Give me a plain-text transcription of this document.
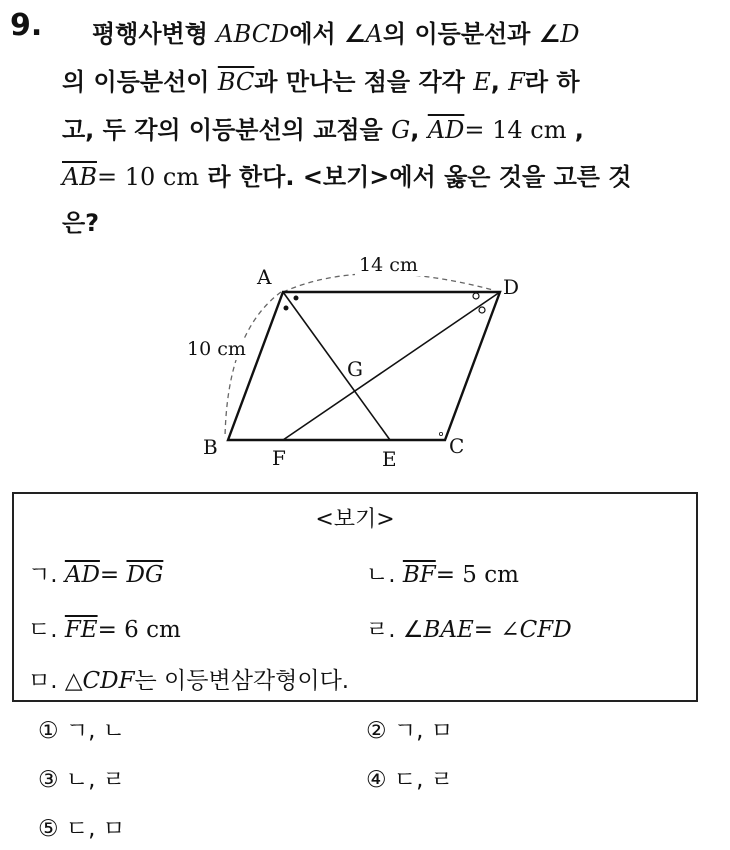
9. 평행사변형 ABCD에서 ∠A의 이등분선과 ∠D
의 이등분선이 $\overline{BC}$과 만나는 점을 각각 E, F라 하
고, 두 각의 이등분선의 교점을 G, $\overline{AD}= 14$ cm ,
$\overline{AB}= 10$ cm 라 한다. <보기>에서 옳은 것을 고른 것
은?
A	D
B	C
F	E
G
14 cm
10 cm
<보기>
ㄱ. $\overline{AD}= \overline{DG}$	ㄴ. $\overline{BF}= 5$ cm
ㄷ. $\overline{FE}= 6$ cm	ㄹ. ∠BAE= ∠CFD
ㅁ. △CDF는 이등변삼각형이다.
① ㄱ, ㄴ	② ㄱ, ㅁ
③ ㄴ, ㄹ	④ ㄷ, ㄹ
⑤ ㄷ, ㅁ
